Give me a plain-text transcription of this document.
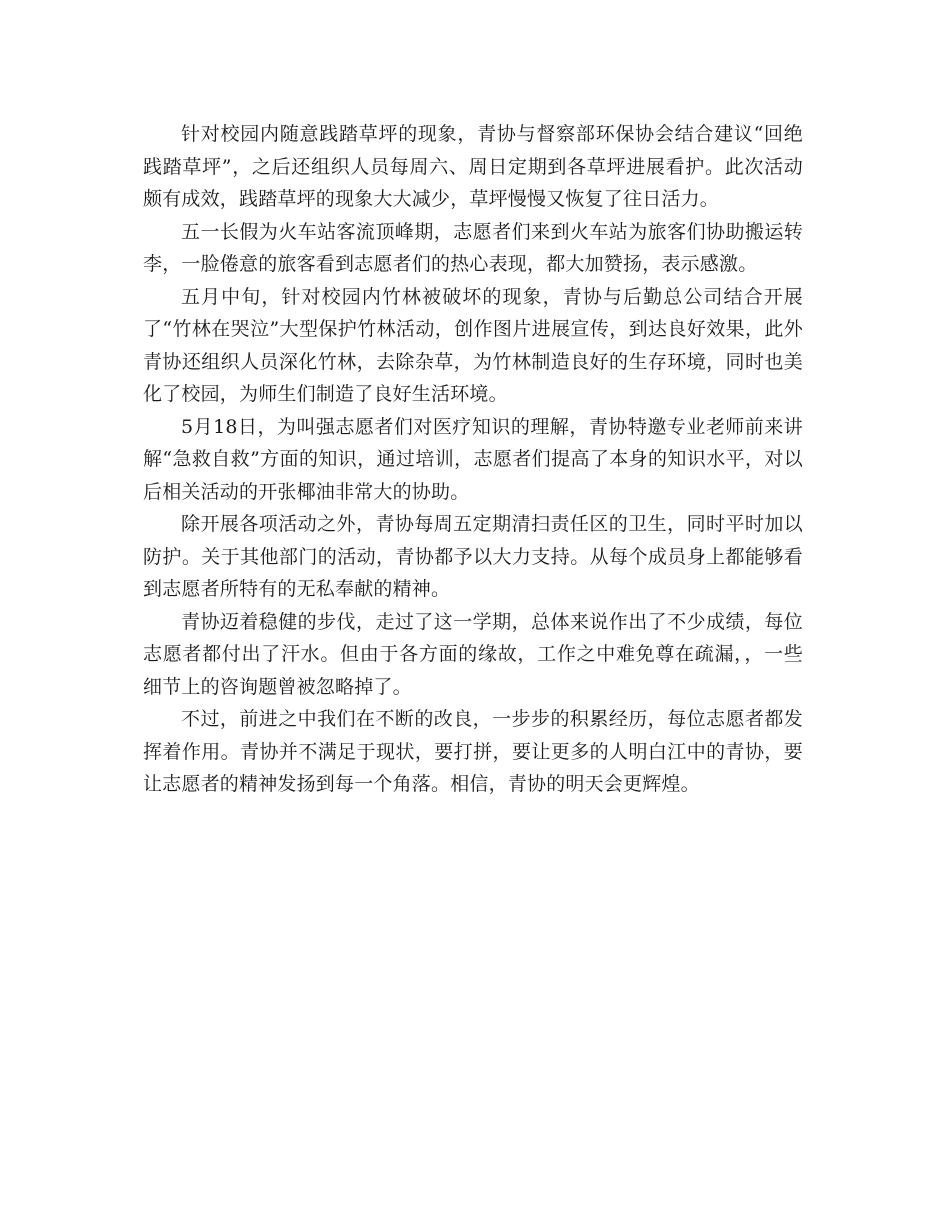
针对校园内随意践踏草坪的现象，青协与督察部环保协会结合建议“回绝践踏草坪”，之后还组织人员每周六、周日定期到各草坪进展看护。此次活动颇有成效，践踏草坪的现象大大减少，草坪慢慢又恢复了往日活力。

五一长假为火车站客流顶峰期，志愿者们来到火车站为旅客们协助搬运转李，一脸倦意的旅客看到志愿者们的热心表现，都大加赞扬，表示感激。

五月中旬，针对校园内竹林被破坏的现象，青协与后勤总公司结合开展了“竹林在哭泣”大型保护竹林活动，创作图片进展宣传，到达良好效果，此外青协还组织人员深化竹林，去除杂草，为竹林制造良好的生存环境，同时也美化了校园，为师生们制造了良好生活环境。

5月18日，为叫强志愿者们对医疗知识的理解，青协特邀专业老师前来讲解“急救自救”方面的知识，通过培训，志愿者们提高了本身的知识水平，对以后相关活动的开张椰油非常大的协助。

除开展各项活动之外，青协每周五定期清扫责任区的卫生，同时平时加以防护。关于其他部门的活动，青协都予以大力支持。从每个成员身上都能够看到志愿者所特有的无私奉献的精神。

青协迈着稳健的步伐，走过了这一学期，总体来说作出了不少成绩，每位志愿者都付出了汗水。但由于各方面的缘故，工作之中难免尊在疏漏，，一些细节上的咨询题曾被忽略掉了。

不过，前进之中我们在不断的改良，一步步的积累经历，每位志愿者都发挥着作用。青协并不满足于现状，要打拼，要让更多的人明白江中的青协，要让志愿者的精神发扬到每一个角落。相信，青协的明天会更辉煌。
